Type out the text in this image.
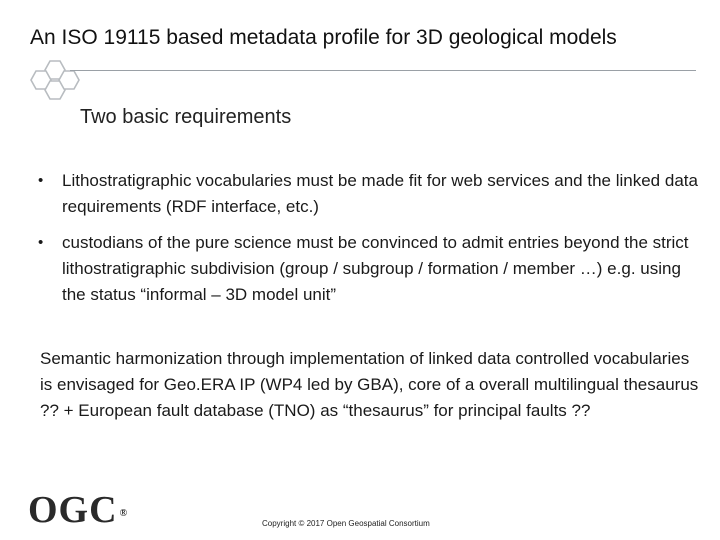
An ISO 19115 based metadata profile for 3D geological models
Two basic requirements
• Lithostratigraphic vocabularies must be made fit for web services and the linked data requirements (RDF interface, etc.)
• custodians of the pure science must be convinced to admit entries beyond the strict lithostratigraphic subdivision (group / subgroup / formation / member …) e.g. using the status “informal – 3D model unit”
Semantic harmonization through implementation of linked data controlled vocabularies is envisaged for Geo.ERA IP (WP4 led by GBA), core of a overall multilingual thesaurus ?? + European fault database (TNO) as “thesaurus” for principal faults ??
OGC ®
Copyright © 2017 Open Geospatial Consortium
